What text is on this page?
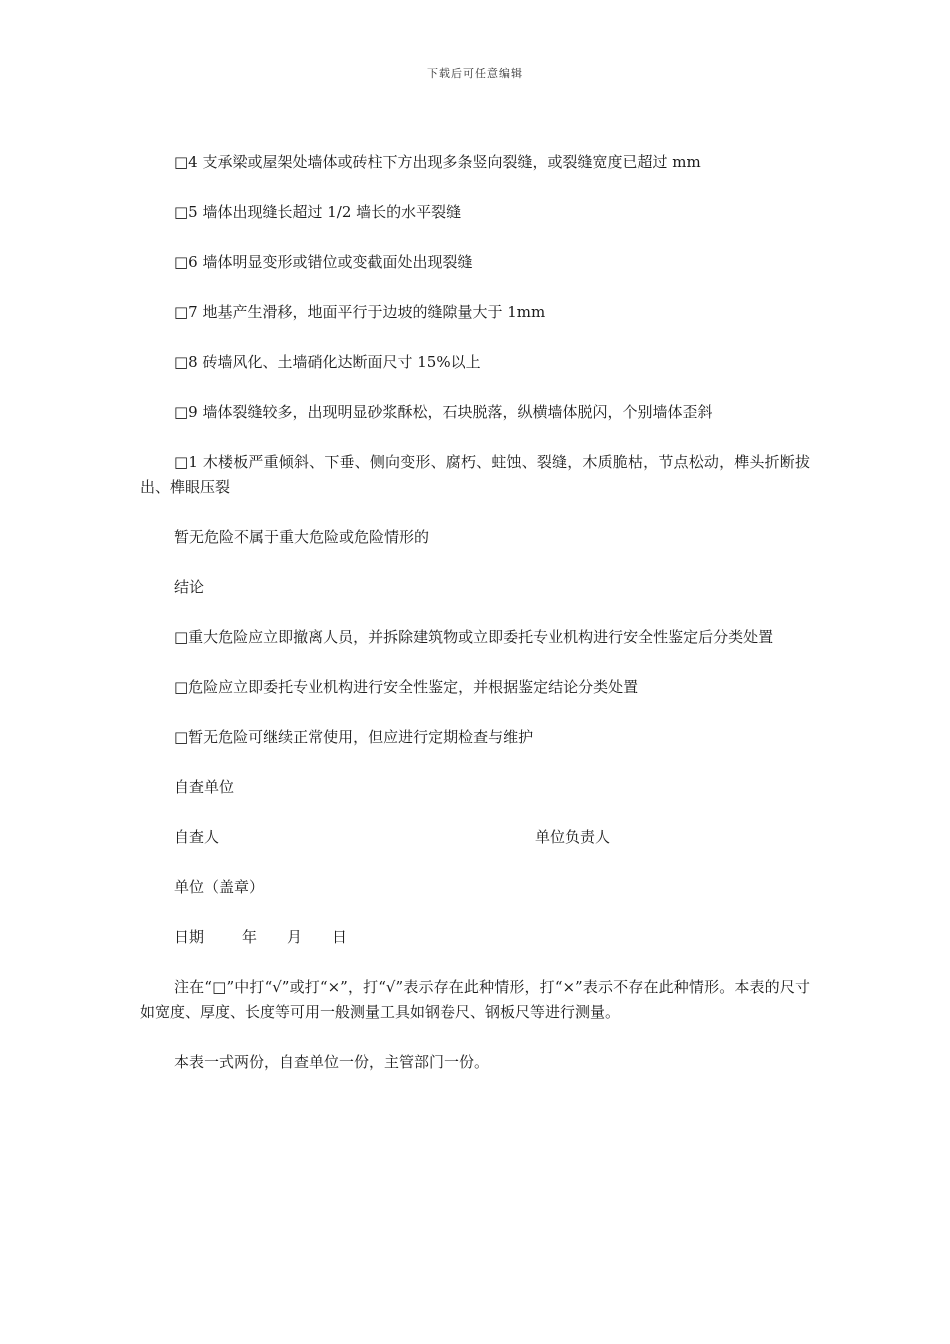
下载后可任意编辑

□4 支承梁或屋架处墙体或砖柱下方出现多条竖向裂缝，或裂缝宽度已超过 mm

□5 墙体出现缝长超过 1/2 墙长的水平裂缝

□6 墙体明显变形或错位或变截面处出现裂缝

□7 地基产生滑移，地面平行于边坡的缝隙量大于 1mm

□8 砖墙风化、土墙硝化达断面尺寸 15%以上

□9 墙体裂缝较多，出现明显砂浆酥松，石块脱落，纵横墙体脱闪，个别墙体歪斜

□1 木楼板严重倾斜、下垂、侧向变形、腐朽、蛀蚀、裂缝，木质脆枯，节点松动，榫头折断拔出、榫眼压裂

暂无危险不属于重大危险或危险情形的

结论

□重大危险应立即撤离人员，并拆除建筑物或立即委托专业机构进行安全性鉴定后分类处置

□危险应立即委托专业机构进行安全性鉴定，并根据鉴定结论分类处置

□暂无危险可继续正常使用，但应进行定期检查与维护

自查单位

自查人	单位负责人

单位（盖章）

日期	年 月 日

注在“□”中打“√”或打“×”，打“√”表示存在此种情形，打“×”表示不存在此种情形。本表的尺寸如宽度、厚度、长度等可用一般测量工具如钢卷尺、钢板尺等进行测量。

本表一式两份，自查单位一份，主管部门一份。
